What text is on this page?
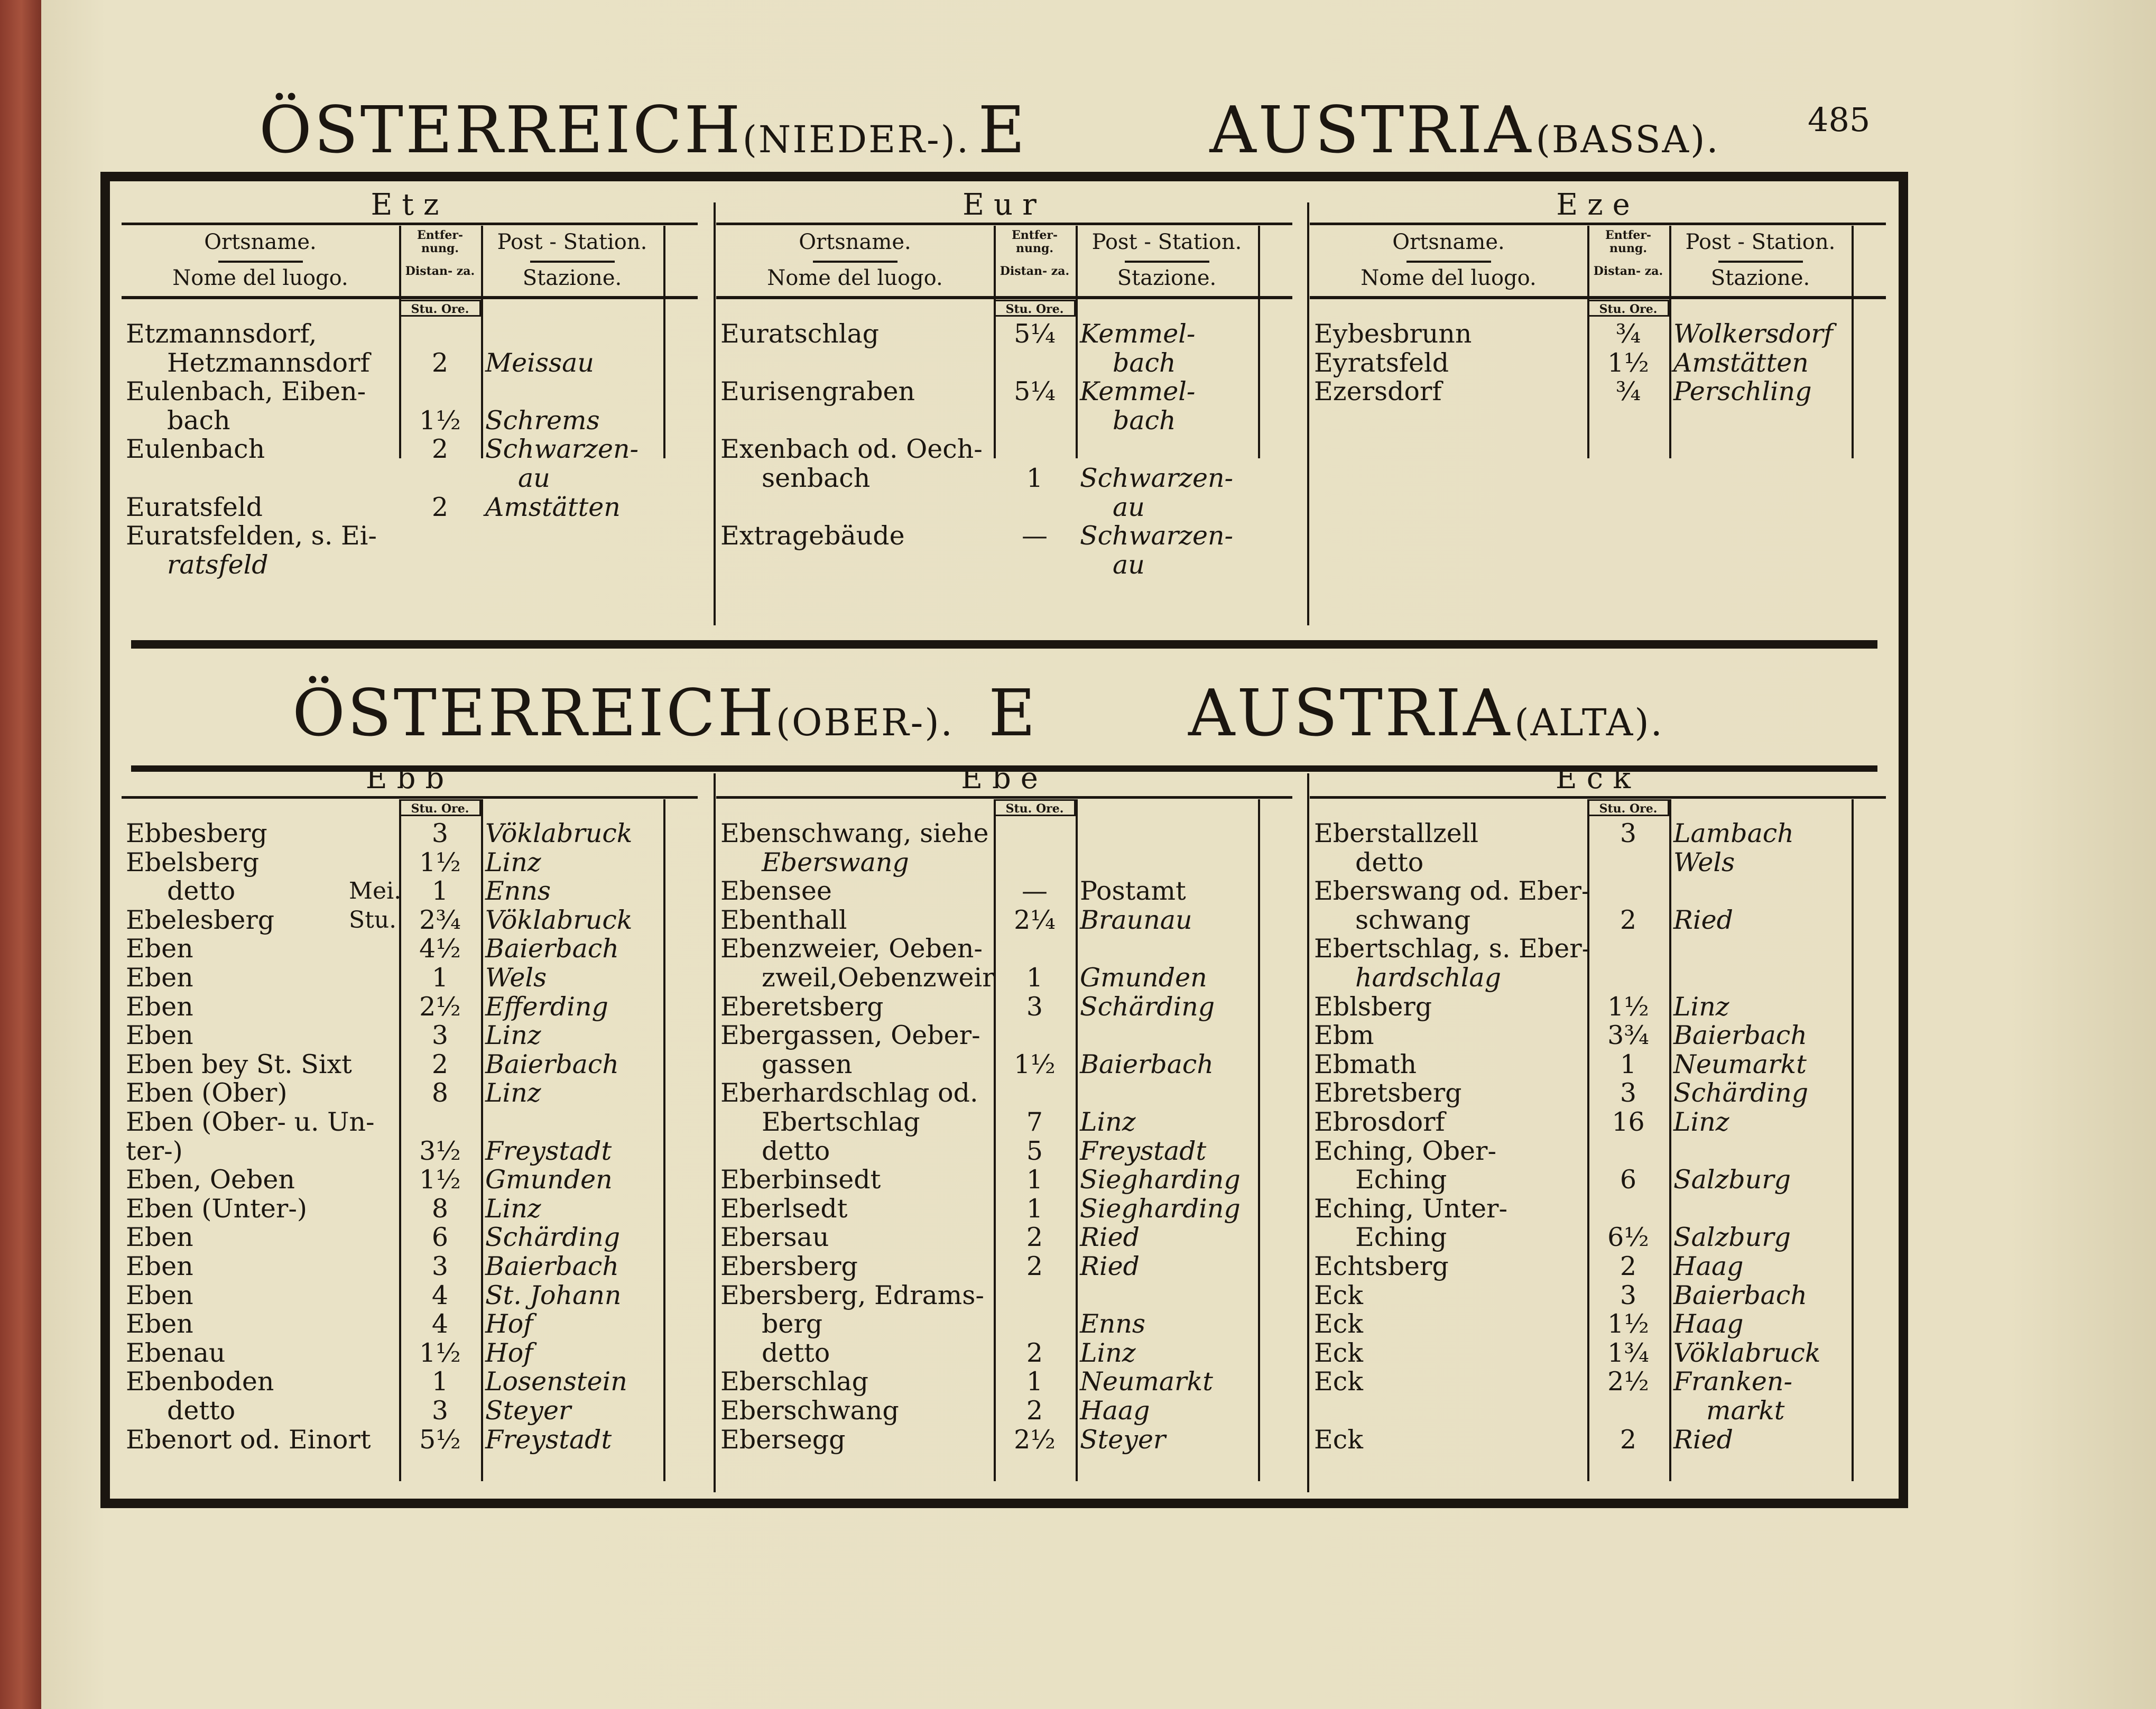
ÖSTERREICH(NIEDER-). E	AUSTRIA (BASSA).	485
ÖSTERREICH(OBER-). E AUSTRIA (ALTA).
Etz
Ortsname.
Nome del luogo.
Entfer- nung.
Distan- za.
Post - Station.
Stazione.
Stu. Ore.
Etzmannsdorf,
Hetzmannsdorf	2	Meissau
Eulenbach, Eiben-
bach	1½ Schrems
Eulenbach	2	Schwarzen-
au
Euratsfeld	2	Amstätten
Euratsfelden, s. Ei-
ratsfeld
Eur
Ortsname.
Nome del luogo.
Entfer- nung.
Distan- za.
Post - Station.
Stazione.
Stu. Ore.
Euratschlag	5¼ Kemmel-
bach
Eurisengraben	5¼ Kemmel-
bach
Exenbach od. Oech-
senbach	1	Schwarzen-
au
Extragebäude	—	Schwarzen-
au
Eze
Ortsname.
Nome del luogo.
Entfer- nung.
Distan- za.
Post - Station.
Stazione.
Stu. Ore.
Eybesbrunn	¾	Wolkersdorf
Eyratsfeld	1½ Amstätten
Ezersdorf	¾	Perschling
Ebb
Stu. Ore.
Ebbesberg	3	Vöklabruck
Ebelsberg	1½ Linz
detto	Mei.	1	Enns
Ebelesberg	Stu. 2¾ Vöklabruck
Eben	4½ Baierbach
Eben	1	Wels
Eben	2½ Efferding
Eben	3	Linz
Eben bey St. Sixt	2	Baierbach
Eben (Ober)	8	Linz
Eben (Ober- u. Un-
ter-)	3½ Freystadt
Eben, Oeben	1½ Gmunden
Eben (Unter-)	8	Linz
Eben	6	Schärding
Eben	3	Baierbach
Eben	4	St. Johann
Eben	4	Hof
Ebenau	1½ Hof
Ebenboden	1	Losenstein
detto	3	Steyer
Ebenort od. Einort	5½ Freystadt
Ebe
Stu. Ore.
Ebenschwang, siehe
Eberswang
Ebensee	—	Postamt
Ebenthall	2¼ Braunau
Ebenzweier, Oeben-
zweil,Oebenzweir	1	Gmunden
Eberetsberg	3	Schärding
Ebergassen, Oeber-
gassen	1½ Baierbach
Eberhardschlag od.
Ebertschlag	7	Linz
detto	5	Freystadt
Eberbinsedt	1	Siegharding
Eberlsedt	1	Siegharding
Ebersau	2	Ried
Ebersberg	2	Ried
Ebersberg, Edrams-
berg	Enns
detto	2	Linz
Eberschlag	1	Neumarkt
Eberschwang	2	Haag
Ebersegg	2½ Steyer
Eck
Stu. Ore.
Eberstallzell	3	Lambach
detto	Wels
Eberswang od. Eber-
schwang	2	Ried
Ebertschlag, s. Eber-
hardschlag
Eblsberg	1½ Linz
Ebm	3¾ Baierbach
Ebmath	1	Neumarkt
Ebretsberg	3	Schärding
Ebrosdorf	16	Linz
Eching, Ober-
Eching	6	Salzburg
Eching, Unter-
Eching	6½ Salzburg
Echtsberg	2	Haag
Eck	3	Baierbach
Eck	1½ Haag
Eck	1¾ Vöklabruck
Eck	2½ Franken-
markt
Eck	2	Ried
